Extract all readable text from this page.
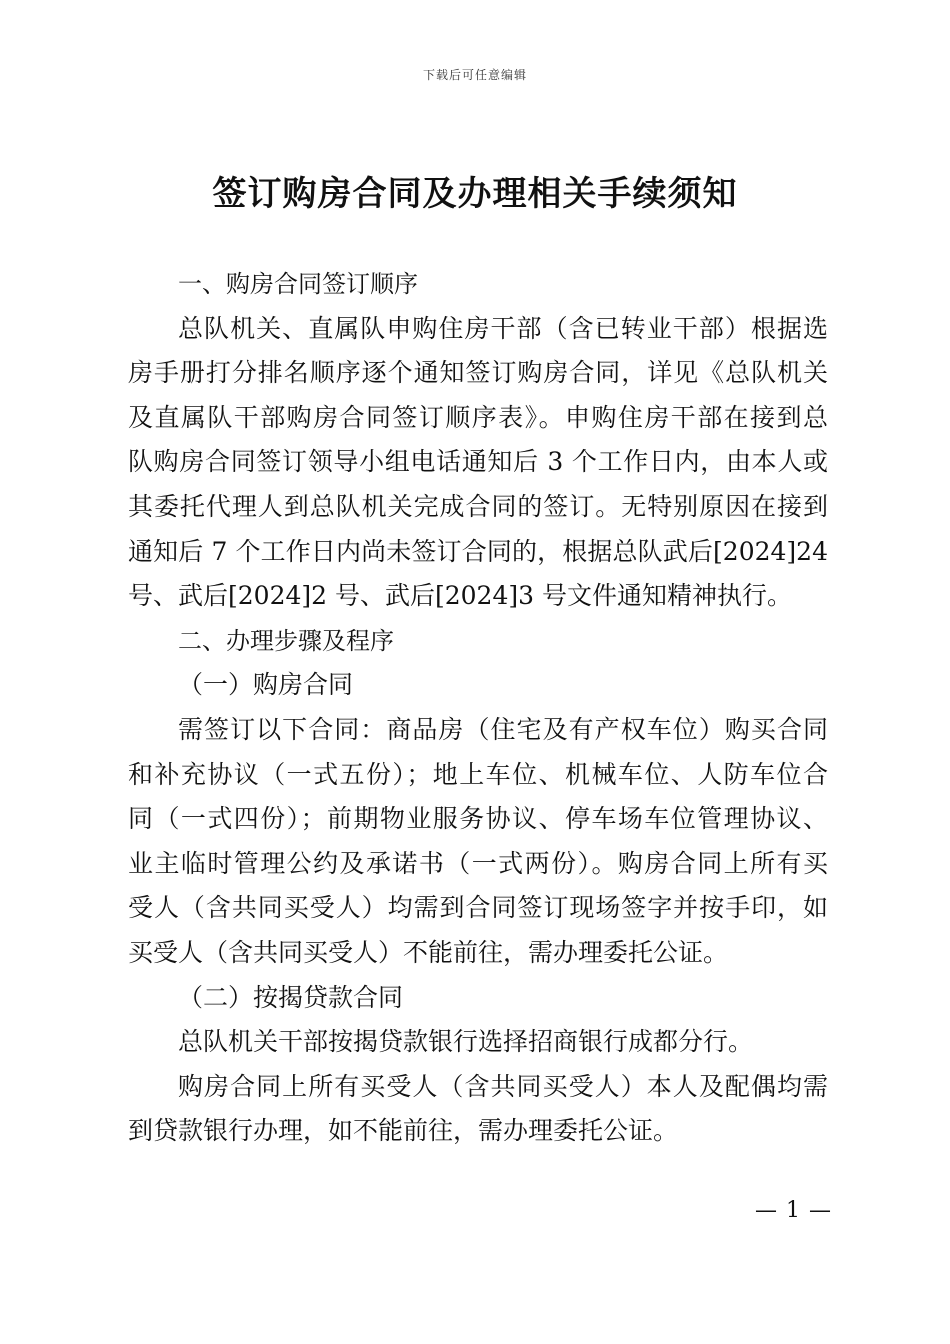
下载后可任意编辑
签订购房合同及办理相关手续须知
一、购房合同签订顺序
总队机关、直属队申购住房干部（含已转业干部）根据选
房手册打分排名顺序逐个通知签订购房合同，详见《总队机关
及直属队干部购房合同签订顺序表》。申购住房干部在接到总
队购房合同签订领导小组电话通知后 3 个工作日内，由本人或
其委托代理人到总队机关完成合同的签订。无特别原因在接到
通知后 7 个工作日内尚未签订合同的，根据总队武后[2024]24
号、武后[2024]2 号、武后[2024]3 号文件通知精神执行。
二、办理步骤及程序
（一）购房合同
需签订以下合同：商品房（住宅及有产权车位）购买合同
和补充协议（一式五份）；地上车位、机械车位、人防车位合
同（一式四份）；前期物业服务协议、停车场车位管理协议、
业主临时管理公约及承诺书（一式两份）。购房合同上所有买
受人（含共同买受人）均需到合同签订现场签字并按手印，如
买受人（含共同买受人）不能前往，需办理委托公证。
（二）按揭贷款合同
总队机关干部按揭贷款银行选择招商银行成都分行。
购房合同上所有买受人（含共同买受人）本人及配偶均需
到贷款银行办理，如不能前往，需办理委托公证。
— 1 —
